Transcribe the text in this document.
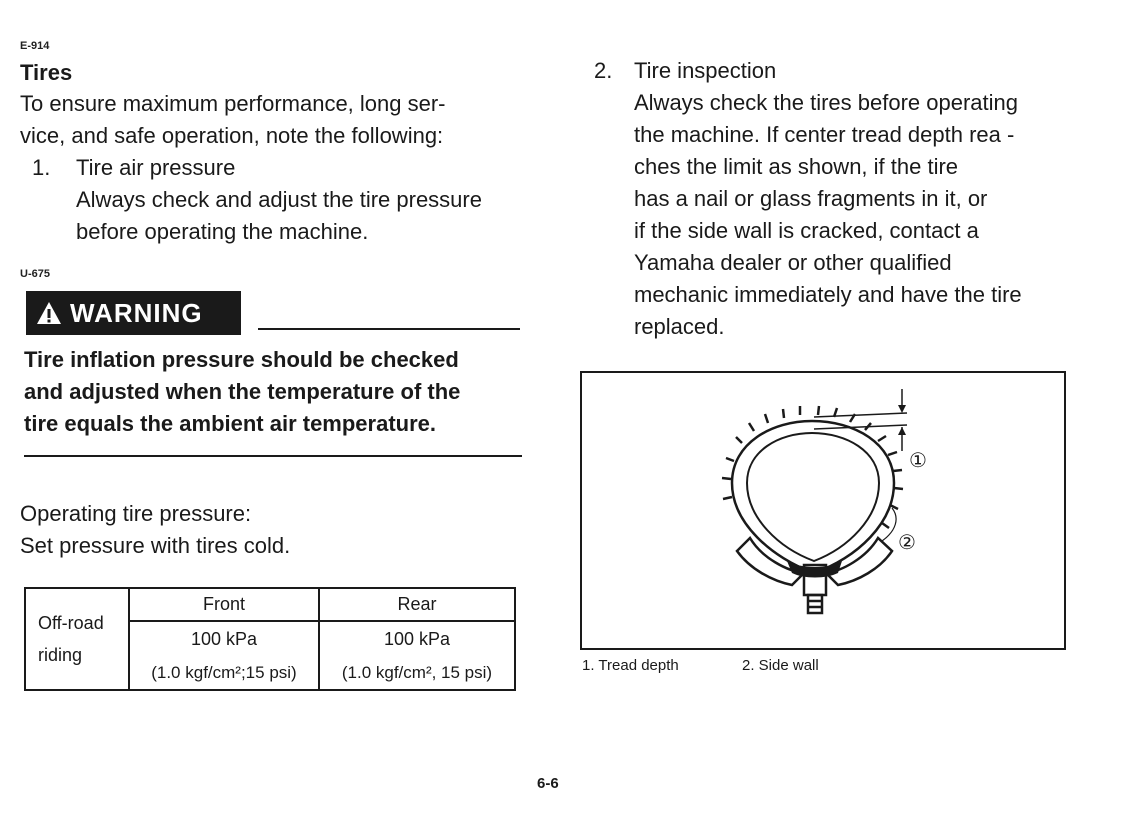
E-914
Tires
To ensure maximum performance, long ser-
vice, and safe operation, note the following:
1. Tire air pressure
Always check and adjust the tire pressure
before operating the machine.
U-675
WARNING
Tire inflation pressure should be checked
and adjusted when the temperature of the
tire equals the ambient air temperature.
Operating tire pressure:
Set pressure with tires cold.
Off-road
riding	Front	Rear
	100 kPa	100 kPa
	(1.0 kgf/cm²;15 psi)	(1.0 kgf/cm², 15 psi)
2. Tire inspection
Always check the tires before operating
the machine. If center tread depth rea -
ches the limit as shown, if the tire
has a nail or glass fragments in it, or
if the side wall is cracked, contact a
Yamaha dealer or other qualified
mechanic immediately and have the tire
replaced.
①
②
1. Tread depth	2. Side wall
6-6
